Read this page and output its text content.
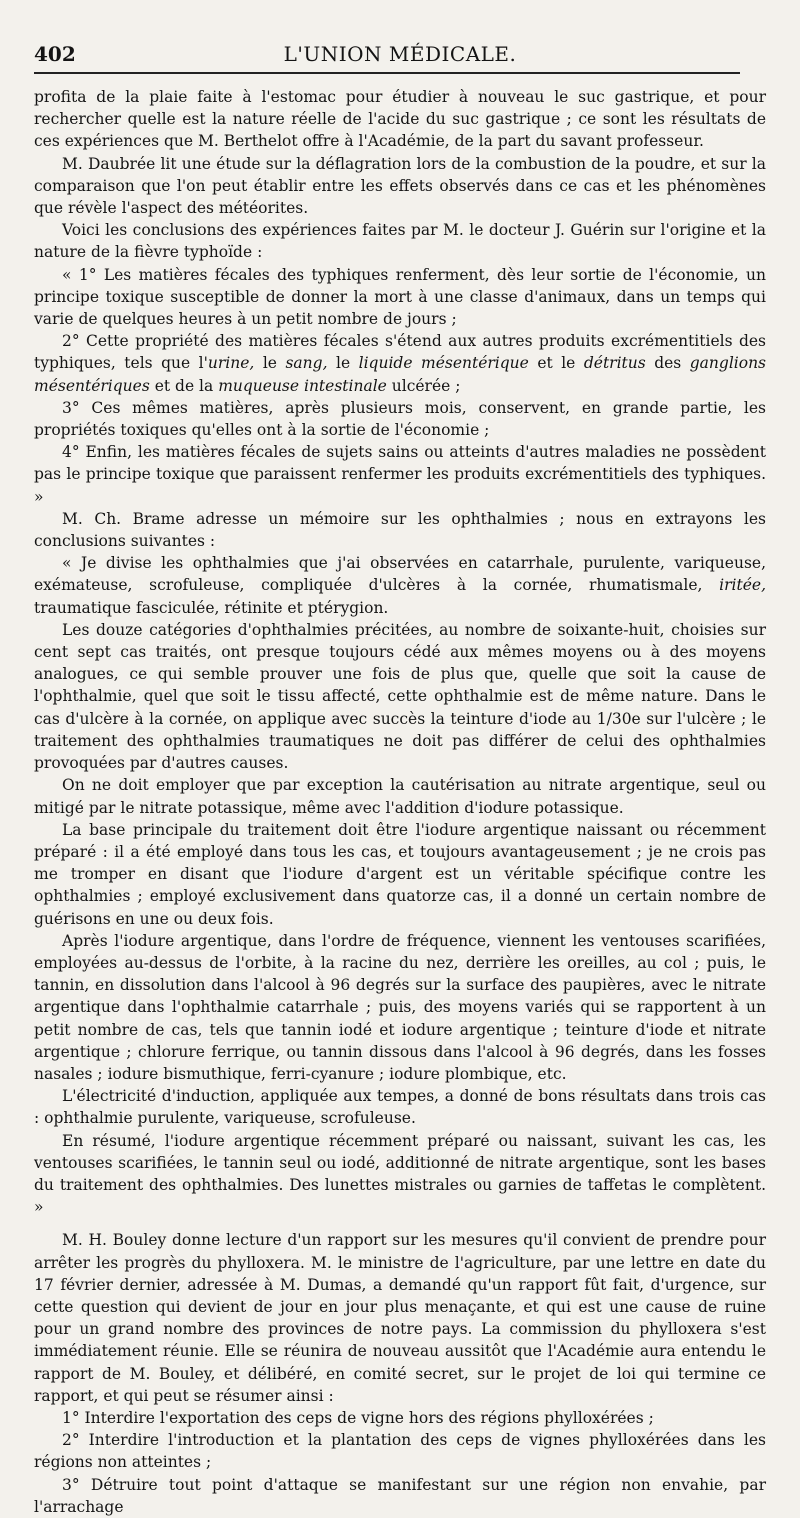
402	L'UNION MÉDICALE.

profita de la plaie faite à l'estomac pour étudier à nouveau le suc gastrique, et pour rechercher quelle est la nature réelle de l'acide du suc gastrique ; ce sont les résultats de ces expériences que M. Berthelot offre à l'Académie, de la part du savant professeur.

M. Daubrée lit une étude sur la déflagration lors de la combustion de la poudre, et sur la comparaison que l'on peut établir entre les effets observés dans ce cas et les phénomènes que révèle l'aspect des météorites.

Voici les conclusions des expériences faites par M. le docteur J. Guérin sur l'origine et la nature de la fièvre typhoïde :

« 1° Les matières fécales des typhiques renferment, dès leur sortie de l'économie, un principe toxique susceptible de donner la mort à une classe d'animaux, dans un temps qui varie de quelques heures à un petit nombre de jours ;

2° Cette propriété des matières fécales s'étend aux autres produits excrémentitiels des typhiques, tels que l'urine, le sang, le liquide mésentérique et le détritus des ganglions mésentériques et de la muqueuse intestinale ulcérée ;

3° Ces mêmes matières, après plusieurs mois, conservent, en grande partie, les propriétés toxiques qu'elles ont à la sortie de l'économie ;

4° Enfin, les matières fécales de sujets sains ou atteints d'autres maladies ne possèdent pas le principe toxique que paraissent renfermer les produits excrémentitiels des typhiques. »

M. Ch. Brame adresse un mémoire sur les ophthalmies ; nous en extrayons les conclusions suivantes :

« Je divise les ophthalmies que j'ai observées en catarrhale, purulente, variqueuse, exémateuse, scrofuleuse, compliquée d'ulcères à la cornée, rhumatismale, iritée, traumatique fasciculée, rétinite et ptérygion.

Les douze catégories d'ophthalmies précitées, au nombre de soixante-huit, choisies sur cent sept cas traités, ont presque toujours cédé aux mêmes moyens ou à des moyens analogues, ce qui semble prouver une fois de plus que, quelle que soit la cause de l'ophthalmie, quel que soit le tissu affecté, cette ophthalmie est de même nature. Dans le cas d'ulcère à la cornée, on applique avec succès la teinture d'iode au 1/30e sur l'ulcère ; le traitement des ophthalmies traumatiques ne doit pas différer de celui des ophthalmies provoquées par d'autres causes.

On ne doit employer que par exception la cautérisation au nitrate argentique, seul ou mitigé par le nitrate potassique, même avec l'addition d'iodure potassique.

La base principale du traitement doit être l'iodure argentique naissant ou récemment préparé : il a été employé dans tous les cas, et toujours avantageusement ; je ne crois pas me tromper en disant que l'iodure d'argent est un véritable spécifique contre les ophthalmies ; employé exclusivement dans quatorze cas, il a donné un certain nombre de guérisons en une ou deux fois.

Après l'iodure argentique, dans l'ordre de fréquence, viennent les ventouses scarifiées, employées au-dessus de l'orbite, à la racine du nez, derrière les oreilles, au col ; puis, le tannin, en dissolution dans l'alcool à 96 degrés sur la surface des paupières, avec le nitrate argentique dans l'ophthalmie catarrhale ; puis, des moyens variés qui se rapportent à un petit nombre de cas, tels que tannin iodé et iodure argentique ; teinture d'iode et nitrate argentique ; chlorure ferrique, ou tannin dissous dans l'alcool à 96 degrés, dans les fosses nasales ; iodure bismuthique, ferri-cyanure ; iodure plombique, etc.

L'électricité d'induction, appliquée aux tempes, a donné de bons résultats dans trois cas : ophthalmie purulente, variqueuse, scrofuleuse.

En résumé, l'iodure argentique récemment préparé ou naissant, suivant les cas, les ventouses scarifiées, le tannin seul ou iodé, additionné de nitrate argentique, sont les bases du traitement des ophthalmies. Des lunettes mistrales ou garnies de taffetas le complètent. »

M. H. Bouley donne lecture d'un rapport sur les mesures qu'il convient de prendre pour arrêter les progrès du phylloxera. M. le ministre de l'agriculture, par une lettre en date du 17 février dernier, adressée à M. Dumas, a demandé qu'un rapport fût fait, d'urgence, sur cette question qui devient de jour en jour plus menaçante, et qui est une cause de ruine pour un grand nombre des provinces de notre pays. La commission du phylloxera s'est immédiatement réunie. Elle se réunira de nouveau aussitôt que l'Académie aura entendu le rapport de M. Bouley, et délibéré, en comité secret, sur le projet de loi qui termine ce rapport, et qui peut se résumer ainsi :

1° Interdire l'exportation des ceps de vigne hors des régions phylloxérées ;

2° Interdire l'introduction et la plantation des ceps de vignes phylloxérées dans les régions non atteintes ;

3° Détruire tout point d'attaque se manifestant sur une région non envahie, par l'arrachage
